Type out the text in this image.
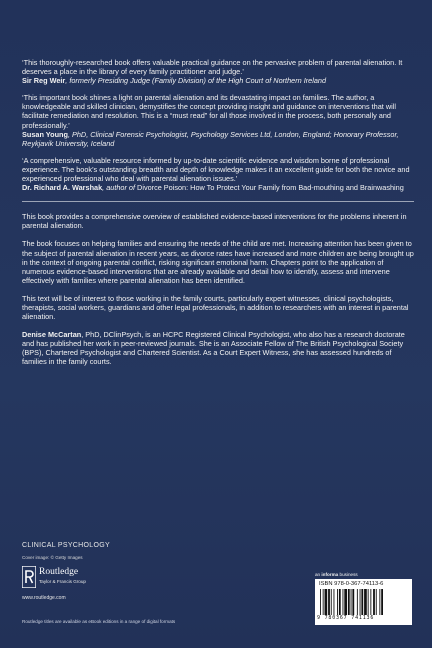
‘This thoroughly-researched book offers valuable practical guidance on the pervasive problem of parental alienation. It deserves a place in the library of every family practitioner and judge.’
Sir Reg Weir, formerly Presiding Judge (Family Division) of the High Court of Northern Ireland
‘This important book shines a light on parental alienation and its devastating impact on families. The author, a knowledgeable and skilled clinician, demystifies the concept providing insight and guidance on interventions that will facilitate remediation and resolution. This is a “must read” for all those involved in the process, both personally and professionally.’
Susan Young, PhD, Clinical Forensic Psychologist, Psychology Services Ltd, London, England; Honorary Professor, Reykjavik University, Iceland
‘A comprehensive, valuable resource informed by up-to-date scientific evidence and wisdom borne of professional experience. The book’s outstanding breadth and depth of knowledge makes it an excellent guide for both the novice and experienced professional who deal with parental alienation issues.’
Dr. Richard A. Warshak, author of Divorce Poison: How To Protect Your Family from Bad-mouthing and Brainwashing

This book provides a comprehensive overview of established evidence-based interventions for the problems inherent in parental alienation.

The book focuses on helping families and ensuring the needs of the child are met. Increasing attention has been given to the subject of parental alienation in recent years, as divorce rates have increased and more children are being brought up in the context of ongoing parental conflict, risking significant emotional harm. Chapters point to the application of numerous evidence-based interventions that are already available and detail how to identify, assess and intervene effectively with families where parental alienation has been identified.

This text will be of interest to those working in the family courts, particularly expert witnesses, clinical psychologists, therapists, social workers, guardians and other legal professionals, in addition to researchers with an interest in parental alienation.

Denise McCartan, PhD, DClinPsych, is an HCPC Registered Clinical Psychologist, who also has a research doctorate and has published her work in peer-reviewed journals. She is an Associate Fellow of The British Psychological Society (BPS), Chartered Psychologist and Chartered Scientist. As a Court Expert Witness, she has assessed hundreds of families in the family courts.

CLINICAL PSYCHOLOGY
Cover image: © Getty Images
Routledge
Taylor & Francis Group
www.routledge.com
Routledge titles are available as eBook editions in a range of digital formats
an informa business
ISBN 978-0-367-74113-6
9 780367 741136
